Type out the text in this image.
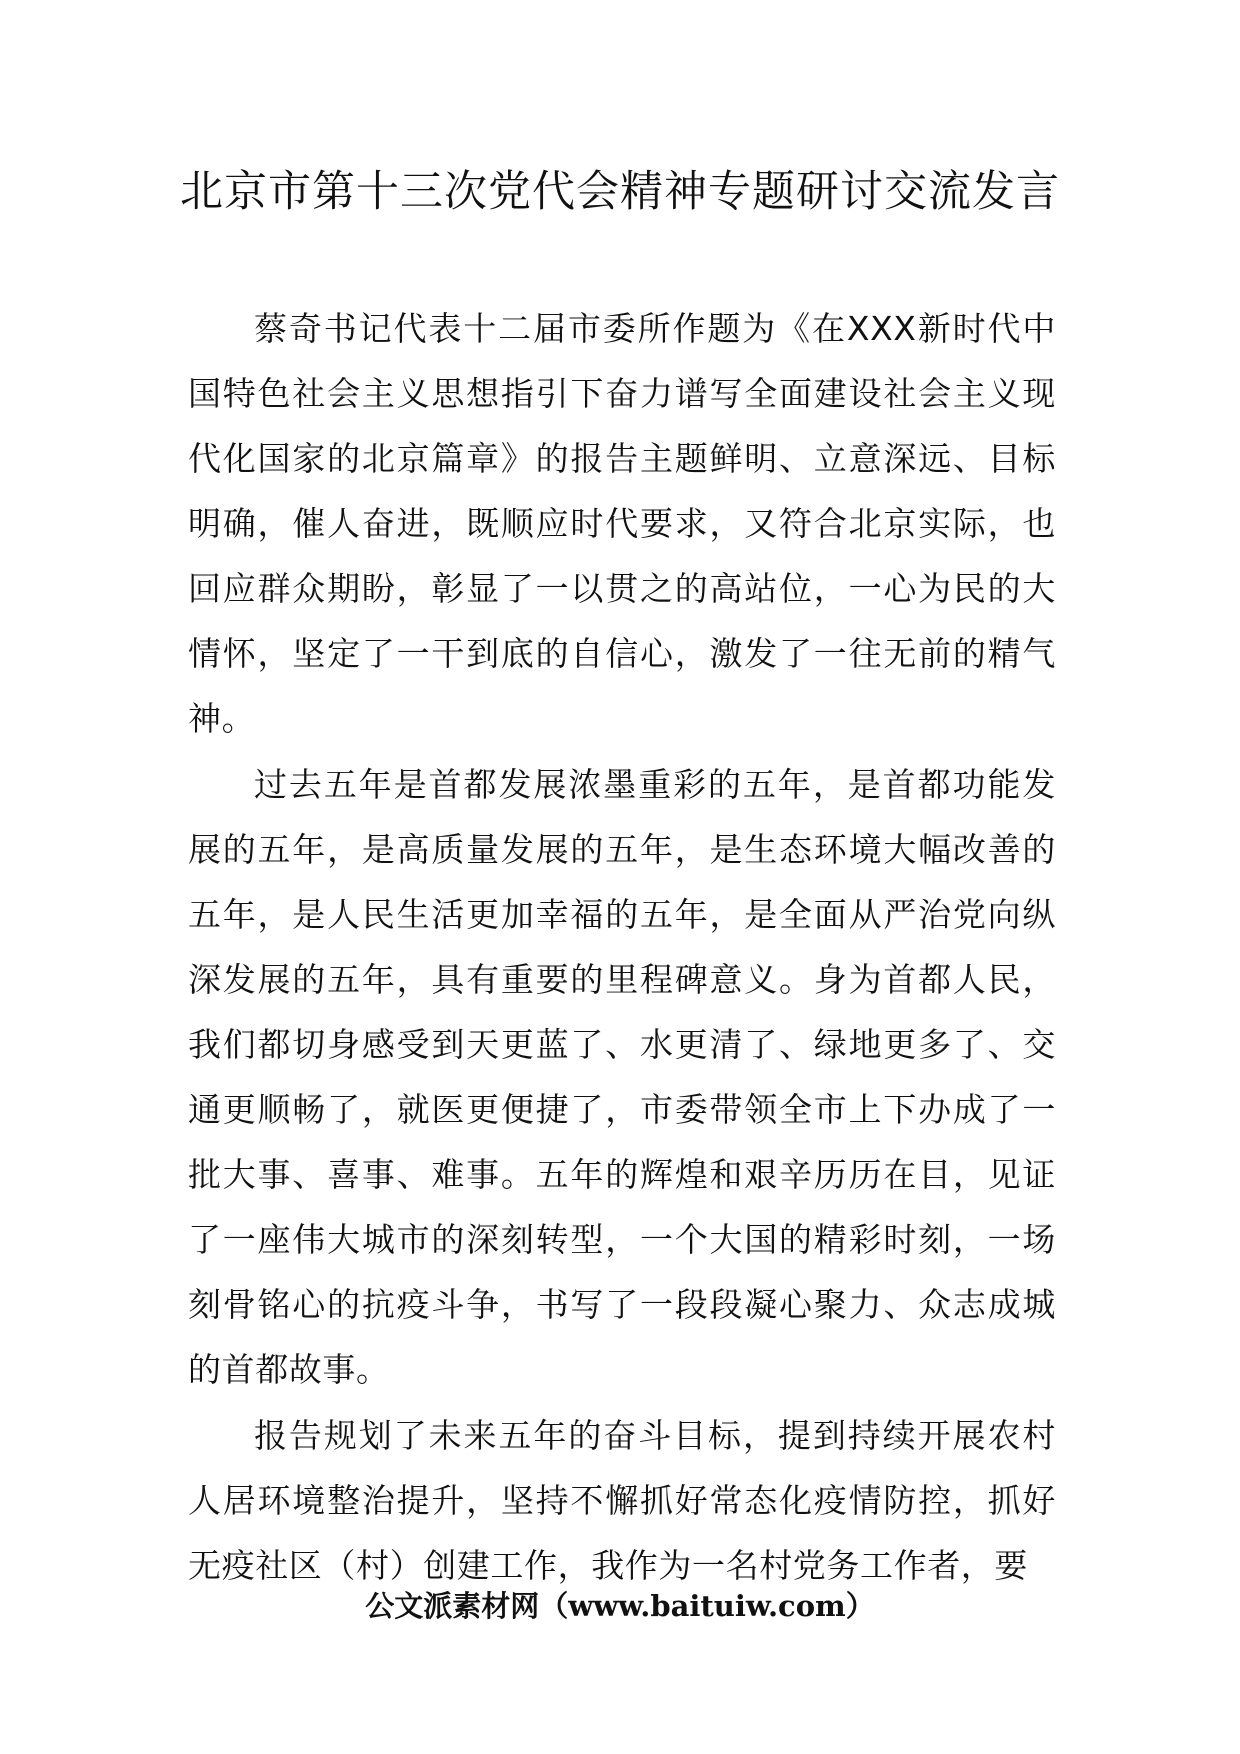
北京市第十三次党代会精神专题研讨交流发言

蔡奇书记代表十二届市委所作题为《在XXX新时代中国特色社会主义思想指引下奋力谱写全面建设社会主义现代化国家的北京篇章》的报告主题鲜明、立意深远、目标明确，催人奋进，既顺应时代要求，又符合北京实际，也回应群众期盼，彰显了一以贯之的高站位，一心为民的大情怀，坚定了一干到底的自信心，激发了一往无前的精气神。

过去五年是首都发展浓墨重彩的五年，是首都功能发展的五年，是高质量发展的五年，是生态环境大幅改善的五年，是人民生活更加幸福的五年，是全面从严治党向纵深发展的五年，具有重要的里程碑意义。身为首都人民，我们都切身感受到天更蓝了、水更清了、绿地更多了、交通更顺畅了，就医更便捷了，市委带领全市上下办成了一批大事、喜事、难事。五年的辉煌和艰辛历历在目，见证了一座伟大城市的深刻转型，一个大国的精彩时刻，一场刻骨铭心的抗疫斗争，书写了一段段凝心聚力、众志成城的首都故事。

报告规划了未来五年的奋斗目标，提到持续开展农村人居环境整治提升，坚持不懈抓好常态化疫情防控，抓好无疫社区（村）创建工作，我作为一名村党务工作者，要

公文派素材网（www.baituiw.com）
